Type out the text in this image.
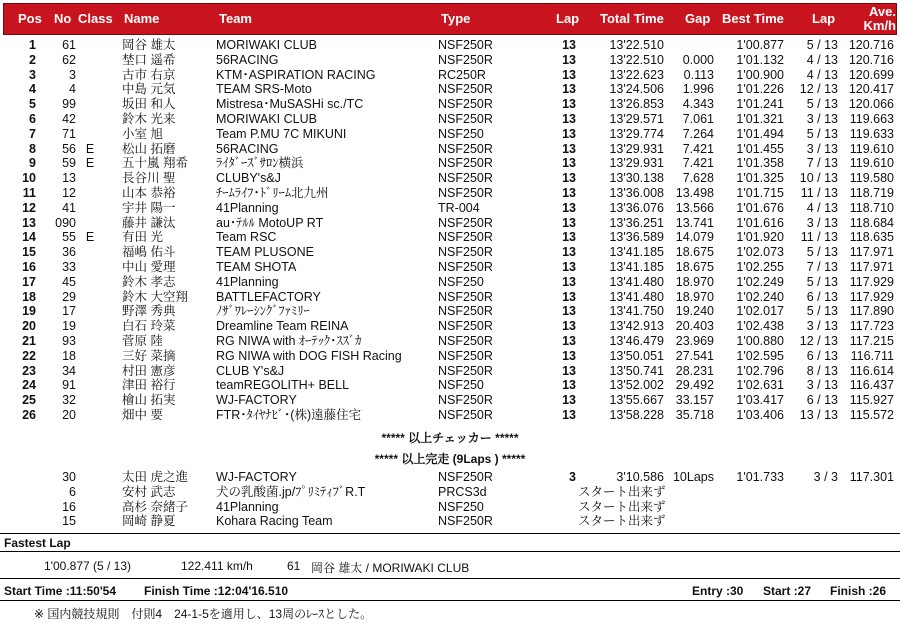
Pos No Class Name	Team	Type	Lap Total Time Gap Best Time Lap	Ave.
Km/h
1	61	岡谷 雄太	MORIWAKI CLUB	NSF250R	13	13'22.510	1'00.877	5 / 13 120.716
2	62	埜口 遥希	56RACING	NSF250R	13	13'22.510	0.000	1'01.132	4 / 13 120.716
3	3	古市 右京	KTM･ASPIRATION RACING	RC250R	13	13'22.623	0.113	1'00.900	4 / 13 120.699
4	4	中島 元気	TEAM SRS-Moto	NSF250R	13	13'24.506	1.996	1'01.226	12 / 13 120.417
5	99	坂田 和人	Mistresa･MuSASHi sc./TC	NSF250R	13	13'26.853	4.343	1'01.241	5 / 13 120.066
6	42	鈴木 光来	MORIWAKI CLUB	NSF250R	13	13'29.571	7.061	1'01.321	3 / 13 119.663
7	71	小室 旭	Team P.MU 7C MIKUNI	NSF250	13	13'29.774	7.264	1'01.494	5 / 13 119.633
8	56 E	松山 拓磨	56RACING	NSF250R	13	13'29.931	7.421	1'01.455	3 / 13 119.610
9	59 E	五十嵐 翔希	ﾗｲﾀﾞｰｽﾞｻﾛﾝ横浜	NSF250R	13	13'29.931	7.421	1'01.358	7 / 13 119.610
10	13	長谷川 聖	CLUBY's&J	NSF250R	13	13'30.138	7.628	1'01.325	10 / 13 119.580
11	12	山本 恭裕	ﾁｰﾑﾗｲﾌ･ﾄﾞﾘｰﾑ北九州	NSF250R	13	13'36.008 13.498	1'01.715	11 / 13 118.719
12	41	宇井 陽一	41Planning	TR-004	13	13'36.076 13.566	1'01.676	4 / 13 118.710
13	090	藤井 謙汰	au･ﾃﾙﾙ MotoUP RT	NSF250R	13	13'36.251 13.741	1'01.616	3 / 13 118.684
14	55 E	有田 光	Team RSC	NSF250R	13	13'36.589 14.079	1'01.920	11 / 13 118.635
15	36	福嶋 佑斗	TEAM PLUSONE	NSF250R	13	13'41.185 18.675	1'02.073	5 / 13 117.971
16	33	中山 愛理	TEAM SHOTA	NSF250R	13	13'41.185 18.675	1'02.255	7 / 13 117.971
17	45	鈴木 孝志	41Planning	NSF250	13	13'41.480 18.970	1'02.249	5 / 13 117.929
18	29	鈴木 大空翔	BATTLEFACTORY	NSF250R	13	13'41.480 18.970	1'02.240	6 / 13 117.929
19	17	野澤 秀典	ﾉｻﾞﾜﾚｰｼﾝｸﾞﾌｧﾐﾘｰ	NSF250R	13	13'41.750 19.240	1'02.017	5 / 13 117.890
20	19	白石 玲菜	Dreamline Team REINA	NSF250R	13	13'42.913 20.403	1'02.438	3 / 13 117.723
21	93	菅原 陸	RG NIWA with ｵｰﾃｯｸ･ｽｽﾞｶ	NSF250R	13	13'46.479 23.969	1'00.880	12 / 13 117.215
22	18	三好 菜摘	RG NIWA with DOG FISH Racing	NSF250R	13	13'50.051 27.541	1'02.595	6 / 13	116.711
23	34	村田 憲彦	CLUB Y's&J	NSF250R	13	13'50.741 28.231	1'02.796	8 / 13 116.614
24	91	津田 裕行	teamREGOLITH+ BELL	NSF250	13	13'52.002 29.492	1'02.631	3 / 13 116.437
25	32	檜山 拓実	WJ-FACTORY	NSF250R	13	13'55.667 33.157	1'03.417	6 / 13 115.927
26	20	畑中 要	FTR･ﾀｲﾔﾅﾋﾞ･(株)遠藤住宅	NSF250R	13	13'58.228 35.718	1'03.406	13 / 13 115.572
***** 以上チェッカー *****
***** 以上完走 (9Laps ) *****
30	太田 虎之進	WJ-FACTORY	NSF250R	3	3'10.586 10Laps	1'01.733	3 / 3 117.301
6	安村 武志	犬の乳酸菌.jp/ﾌﾟﾘﾐﾃｨﾌﾞR.T	PRCS3d	スタート出来ず
16	高杉 奈緒子	41Planning	NSF250	スタート出来ず
15	岡崎 静夏	Kohara Racing Team	NSF250R	スタート出来ず
Fastest Lap
1'00.877 (5 / 13)	122.411 km/h	61 岡谷 雄太 / MORIWAKI CLUB
Start Time :11:50'54 Finish Time :12:04'16.510	Entry :30 Start :27 Finish :26
※ 国内競技規則　付則4　24-1-5を適用し、13周のﾚｰｽとした。
